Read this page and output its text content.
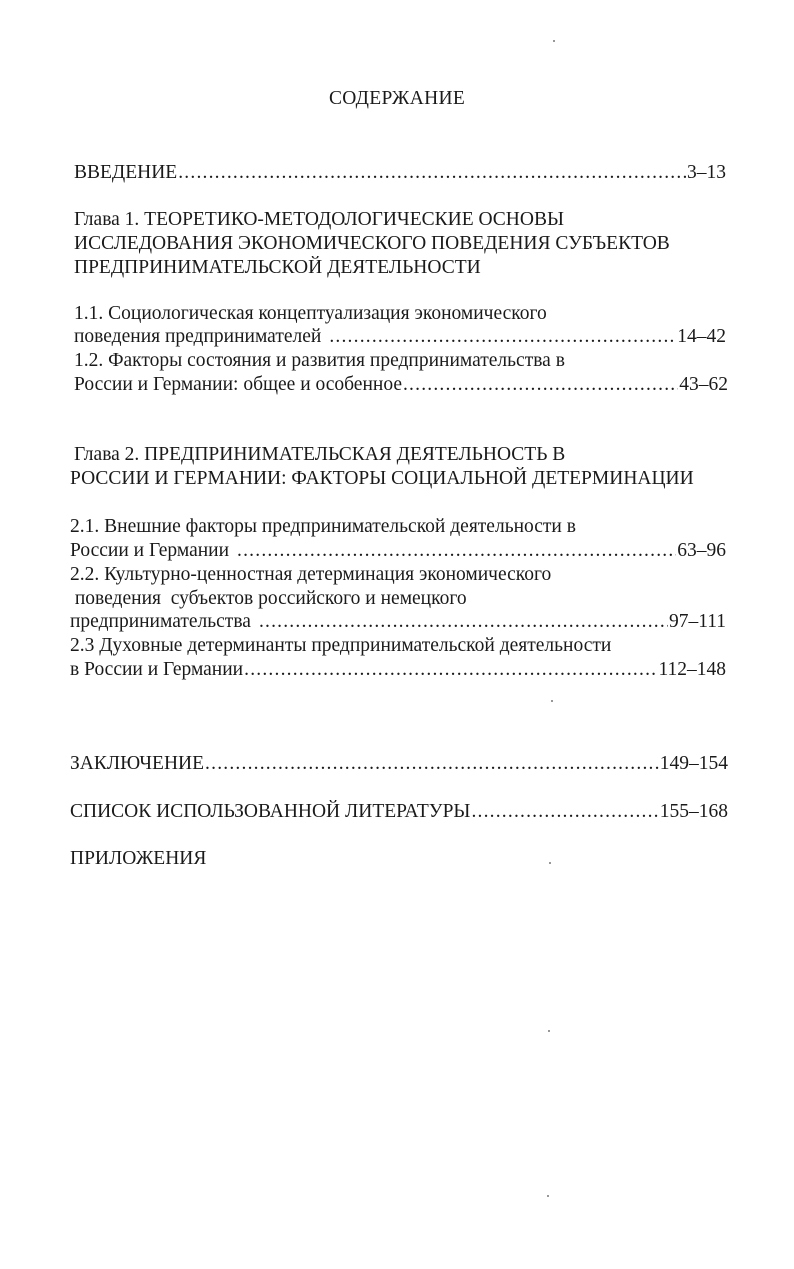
СОДЕРЖАНИЕ
ВВЕДЕНИЕ .....	3–13
Глава 1. ТЕОРЕТИКО-МЕТОДОЛОГИЧЕСКИЕ ОСНОВЫ
ИССЛЕДОВАНИЯ ЭКОНОМИЧЕСКОГО ПОВЕДЕНИЯ СУБЪЕКТОВ
ПРЕДПРИНИМАТЕЛЬСКОЙ ДЕЯТЕЛЬНОСТИ
1.1. Социологическая концептуализация экономического
поведения предпринимателей .....	14–42
1.2. Факторы состояния и развития предпринимательства в
России и Германии: общее и особенное .....	43–62
Глава 2. ПРЕДПРИНИМАТЕЛЬСКАЯ ДЕЯТЕЛЬНОСТЬ В
РОССИИ И ГЕРМАНИИ: ФАКТОРЫ СОЦИАЛЬНОЙ ДЕТЕРМИНАЦИИ
2.1. Внешние факторы предпринимательской деятельности в
России и Германии .....	63–96
2.2. Культурно-ценностная детерминация экономического
поведения  субъектов российского и немецкого
предпринимательства .....	97–111
2.3 Духовные детерминанты предпринимательской деятельности
в России и Германии .....	112–148
ЗАКЛЮЧЕНИЕ .....	149–154
СПИСОК ИСПОЛЬЗОВАННОЙ ЛИТЕРАТУРЫ .....	155–168
ПРИЛОЖЕНИЯ
